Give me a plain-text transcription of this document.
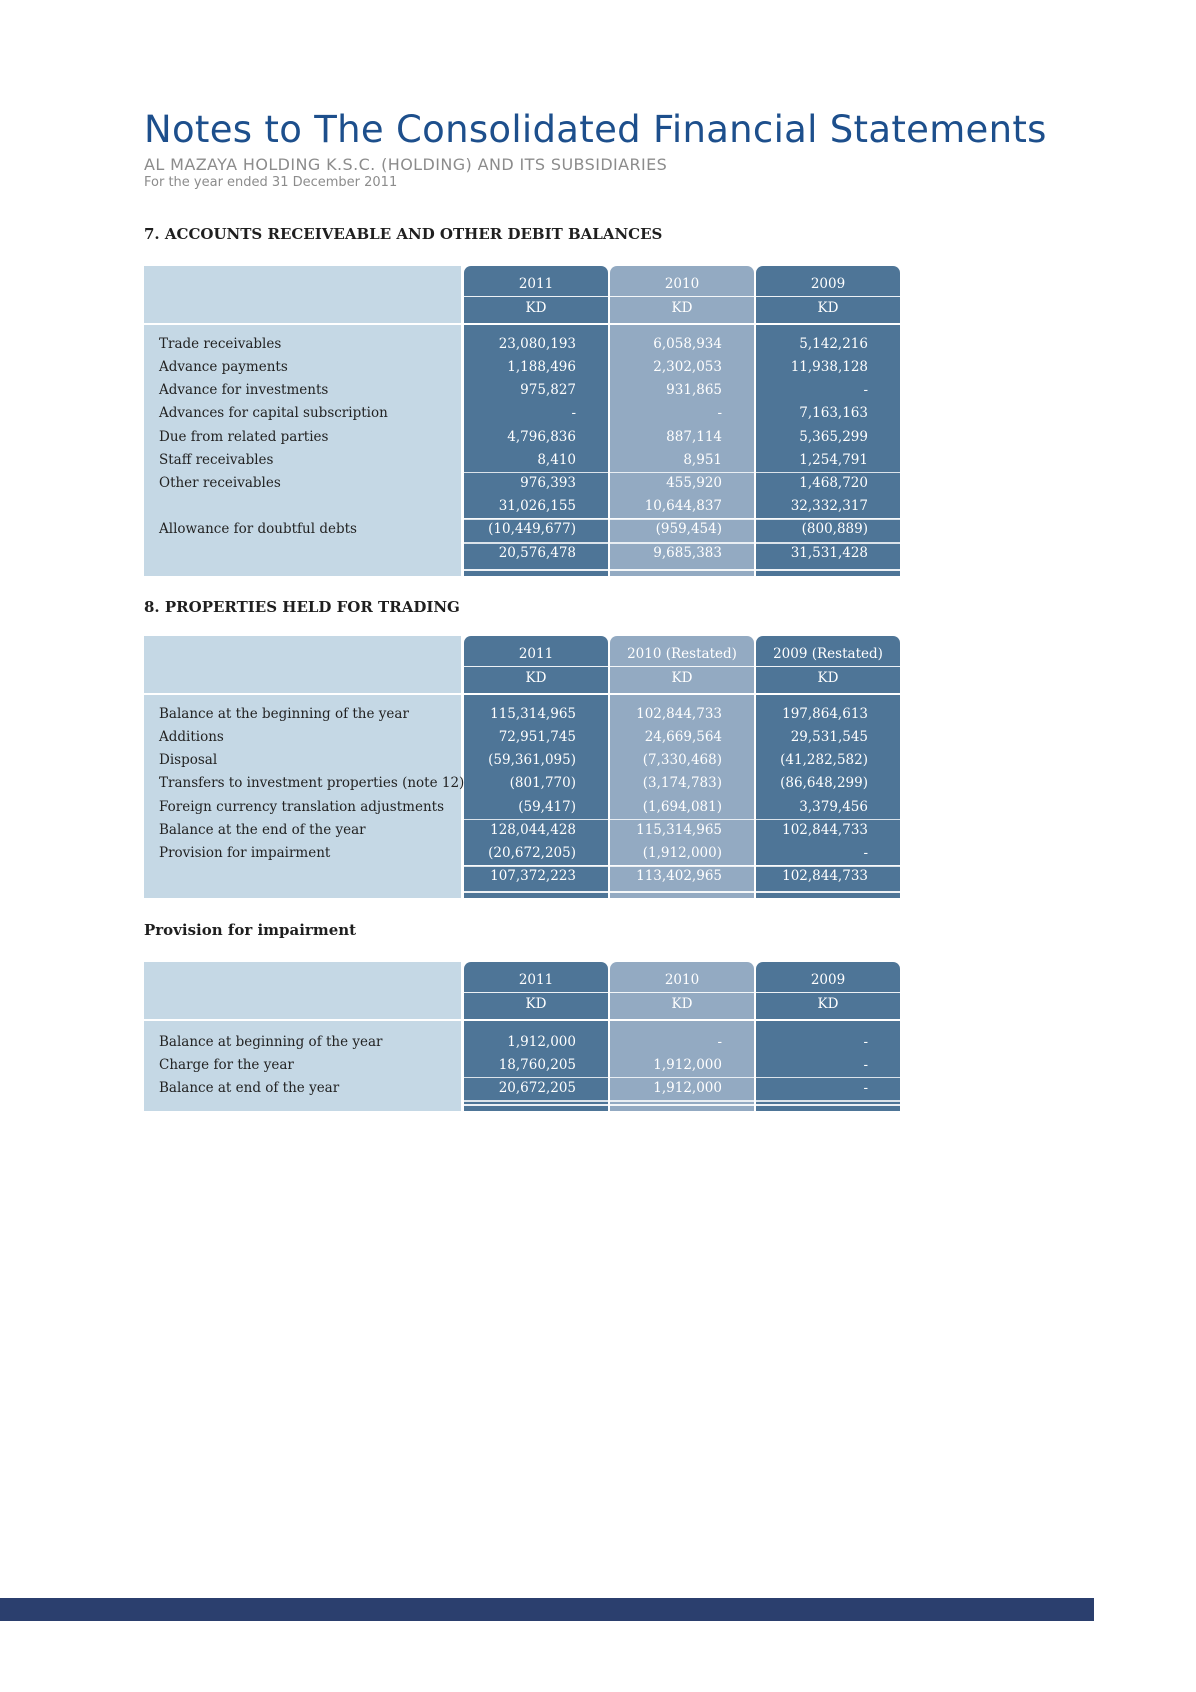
Notes to The Consolidated Financial Statements
AL MAZAYA HOLDING K.S.C. (HOLDING) AND ITS SUBSIDIARIES
For the year ended 31 December 2011
7. ACCOUNTS RECEIVEABLE AND OTHER DEBIT BALANCES
2011
KD
23,080,193
1,188,496
975,827
-
4,796,836
8,410
976,393
31,026,155
(10,449,677)
20,576,478
2010
KD
6,058,934
2,302,053
931,865
-
887,114
8,951
455,920
10,644,837
(959,454)
9,685,383
2009
KD
5,142,216
11,938,128
-
7,163,163
5,365,299
1,254,791
1,468,720
32,332,317
(800,889)
31,531,428
Trade receivables
Advance payments
Advance for investments
Advances for capital subscription
Due from related parties
Staff receivables
Other receivables
Allowance for doubtful debts
8. PROPERTIES HELD FOR TRADING
2011
KD
115,314,965
72,951,745
(59,361,095)
(801,770)
(59,417)
128,044,428
(20,672,205)
107,372,223
2010 (Restated)
KD
102,844,733
24,669,564
(7,330,468)
(3,174,783)
(1,694,081)
115,314,965
(1,912,000)
113,402,965
2009 (Restated)
KD
197,864,613
29,531,545
(41,282,582)
(86,648,299)
3,379,456
102,844,733
-
102,844,733
Balance at the beginning of the year
Additions
Disposal
Transfers to investment properties (note 12)
Foreign currency translation adjustments
Balance at the end of the year
Provision for impairment
Provision for impairment
2011
KD
1,912,000
18,760,205
20,672,205
2010
KD
-
1,912,000
1,912,000
2009
KD
-
-
-
Balance at beginning of the year
Charge for the year
Balance at end of the year
